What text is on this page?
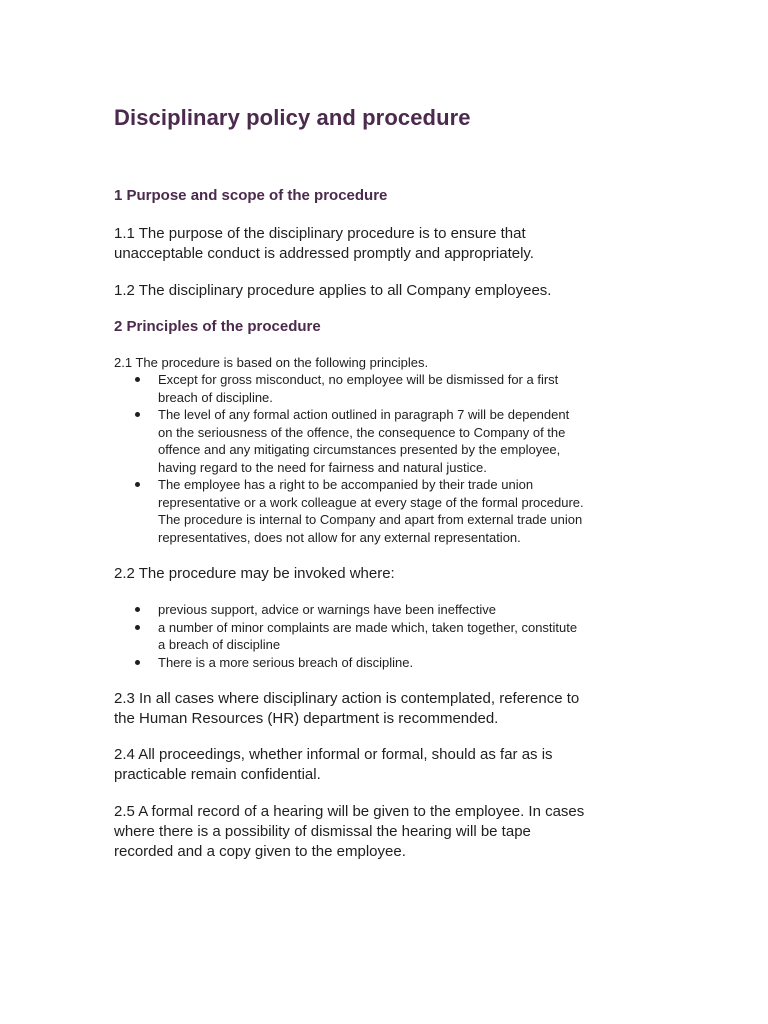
Disciplinary policy and procedure
1 Purpose and scope of the procedure

1.1 The purpose of the disciplinary procedure is to ensure that
unacceptable conduct is addressed promptly and appropriately.

1.2 The disciplinary procedure applies to all Company employees.

2 Principles of the procedure

2.1 The procedure is based on the following principles.

Except for gross misconduct, no employee will be dismissed for a first
breach of discipline.
The level of any formal action outlined in paragraph 7 will be dependent
on the seriousness of the offence, the consequence to Company of the
offence and any mitigating circumstances presented by the employee,
having regard to the need for fairness and natural justice.
The employee has a right to be accompanied by their trade union
representative or a work colleague at every stage of the formal procedure.
The procedure is internal to Company and apart from external trade union
representatives, does not allow for any external representation.

2.2 The procedure may be invoked where:

previous support, advice or warnings have been ineffective
a number of minor complaints are made which, taken together, constitute
a breach of discipline
There is a more serious breach of discipline.

2.3 In all cases where disciplinary action is contemplated, reference to
the Human Resources (HR) department is recommended.

2.4 All proceedings, whether informal or formal, should as far as is
practicable remain confidential.

2.5 A formal record of a hearing will be given to the employee. In cases
where there is a possibility of dismissal the hearing will be tape
recorded and a copy given to the employee.
